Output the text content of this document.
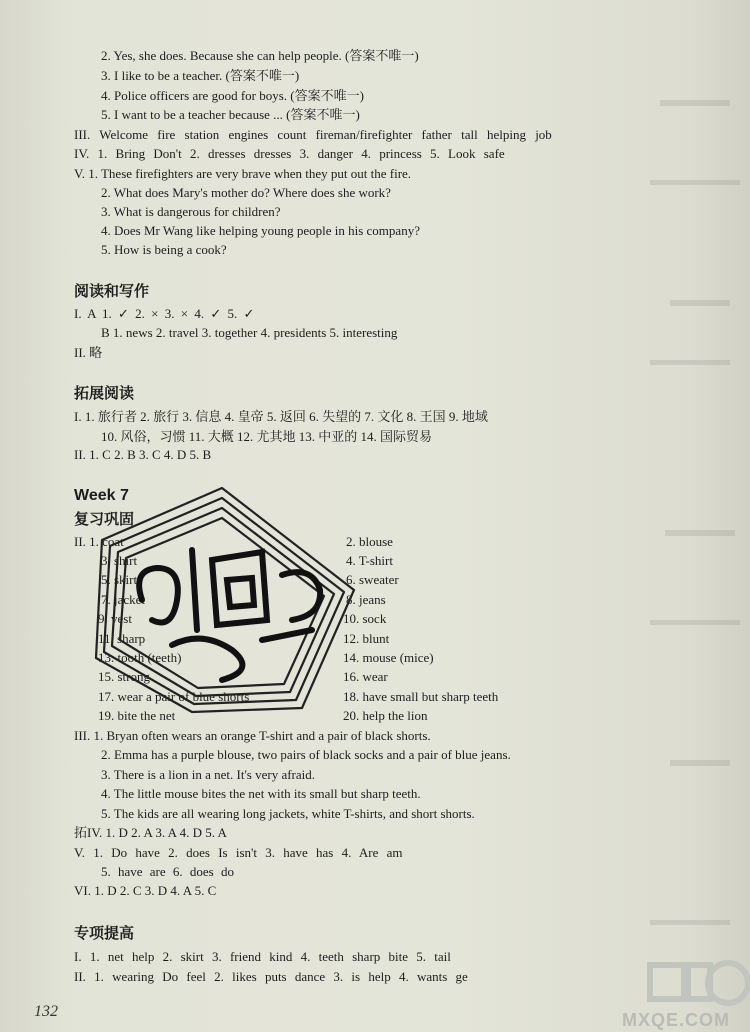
2. Yes, she does. Because she can help people. (答案不唯一)
3. I like to be a teacher. (答案不唯一)
4. Police officers are good for boys. (答案不唯一)
5. I want to be a teacher because ... (答案不唯一)
III. Welcome fire station engines count fireman/firefighter father tall helping job
IV. 1. Bring Don't 2. dresses dresses 3. danger 4. princess 5. Look safe
V. 1. These firefighters are very brave when they put out the fire.
2. What does Mary's mother do? Where does she work?
3. What is dangerous for children?
4. Does Mr Wang like helping young people in his company?
5. How is being a cook?
阅读和写作
I. A 1. ✓ 2. × 3. × 4. ✓ 5. ✓
B 1. news 2. travel 3. together 4. presidents 5. interesting
II. 略
拓展阅读
I. 1. 旅行者 2. 旅行 3. 信息 4. 皇帝 5. 返回 6. 失望的 7. 文化 8. 王国 9. 地域
10. 风俗，习惯 11. 大概 12. 尤其地 13. 中亚的 14. 国际贸易
II. 1. C 2. B 3. C 4. D 5. B
Week 7
复习巩固
II. 1. coat
3. shirt
5. skirt
7. jacket
9. vest
11. sharp
13. tooth (teeth)
15. strong
17. wear a pair of blue shorts
19. bite the net
2. blouse
4. T-shirt
6. sweater
8. jeans
10. sock
12. blunt
14. mouse (mice)
16. wear
18. have small but sharp teeth
20. help the lion
III. 1. Bryan often wears an orange T-shirt and a pair of black shorts.
2. Emma has a purple blouse, two pairs of black socks and a pair of blue jeans.
3. There is a lion in a net. It's very afraid.
4. The little mouse bites the net with its small but sharp teeth.
5. The kids are all wearing long jackets, white T-shirts, and short shorts.
拓IV. 1. D 2. A 3. A 4. D 5. A
V. 1. Do have 2. does Is isn't 3. have has 4. Are am
5. have are 6. does do
VI. 1. D 2. C 3. D 4. A 5. C
专项提高
I. 1. net help 2. skirt 3. friend kind 4. teeth sharp bite 5. tail
II. 1. wearing Do feel 2. likes puts dance 3. is help 4. wants ge
132	MXQE.COM
